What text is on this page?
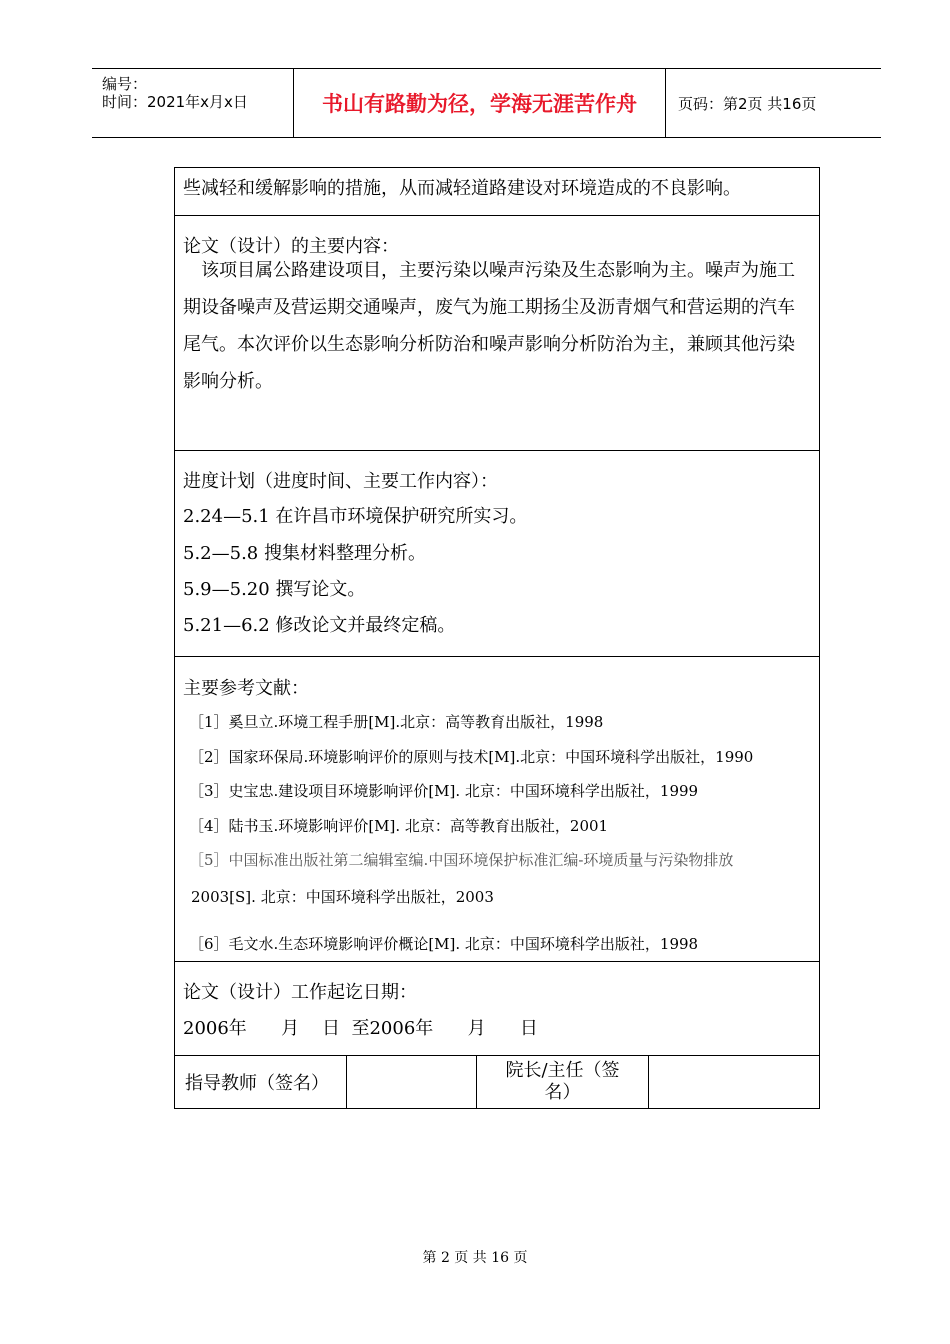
编号：
时间：2021年x月x日	书山有路勤为径，学海无涯苦作舟	页码：第2页 共16页
些减轻和缓解影响的措施，从而减轻道路建设对环境造成的不良影响。
论文（设计）的主要内容：
　该项目属公路建设项目，主要污染以噪声污染及生态影响为主。噪声为施工期设备噪声及营运期交通噪声，废气为施工期扬尘及沥青烟气和营运期的汽车尾气。本次评价以生态影响分析防治和噪声影响分析防治为主，兼顾其他污染影响分析。
进度计划（进度时间、主要工作内容）：
2.24—5.1 在许昌市环境保护研究所实习。
5.2—5.8 搜集材料整理分析。
5.9—5.20 撰写论文。
5.21—6.2 修改论文并最终定稿。
主要参考文献：
［1］奚旦立.环境工程手册[M].北京：高等教育出版社，1998
［2］国家环保局.环境影响评价的原则与技术[M].北京：中国环境科学出版社，1990
［3］史宝忠.建设项目环境影响评价[M]. 北京：中国环境科学出版社，1999
［4］陆书玉.环境影响评价[M]. 北京：高等教育出版社，2001
［5］中国标准出版社第二编辑室编.中国环境保护标准汇编-环境质量与污染物排放
2003[S]. 北京：中国环境科学出版社，2003
［6］毛文水.生态环境影响评价概论[M]. 北京：中国环境科学出版社，1998
论文（设计）工作起讫日期：
2006年      月    日  至2006年      月      日
指导教师（签名）
院长/主任（签名）
第 2 页 共 16 页
